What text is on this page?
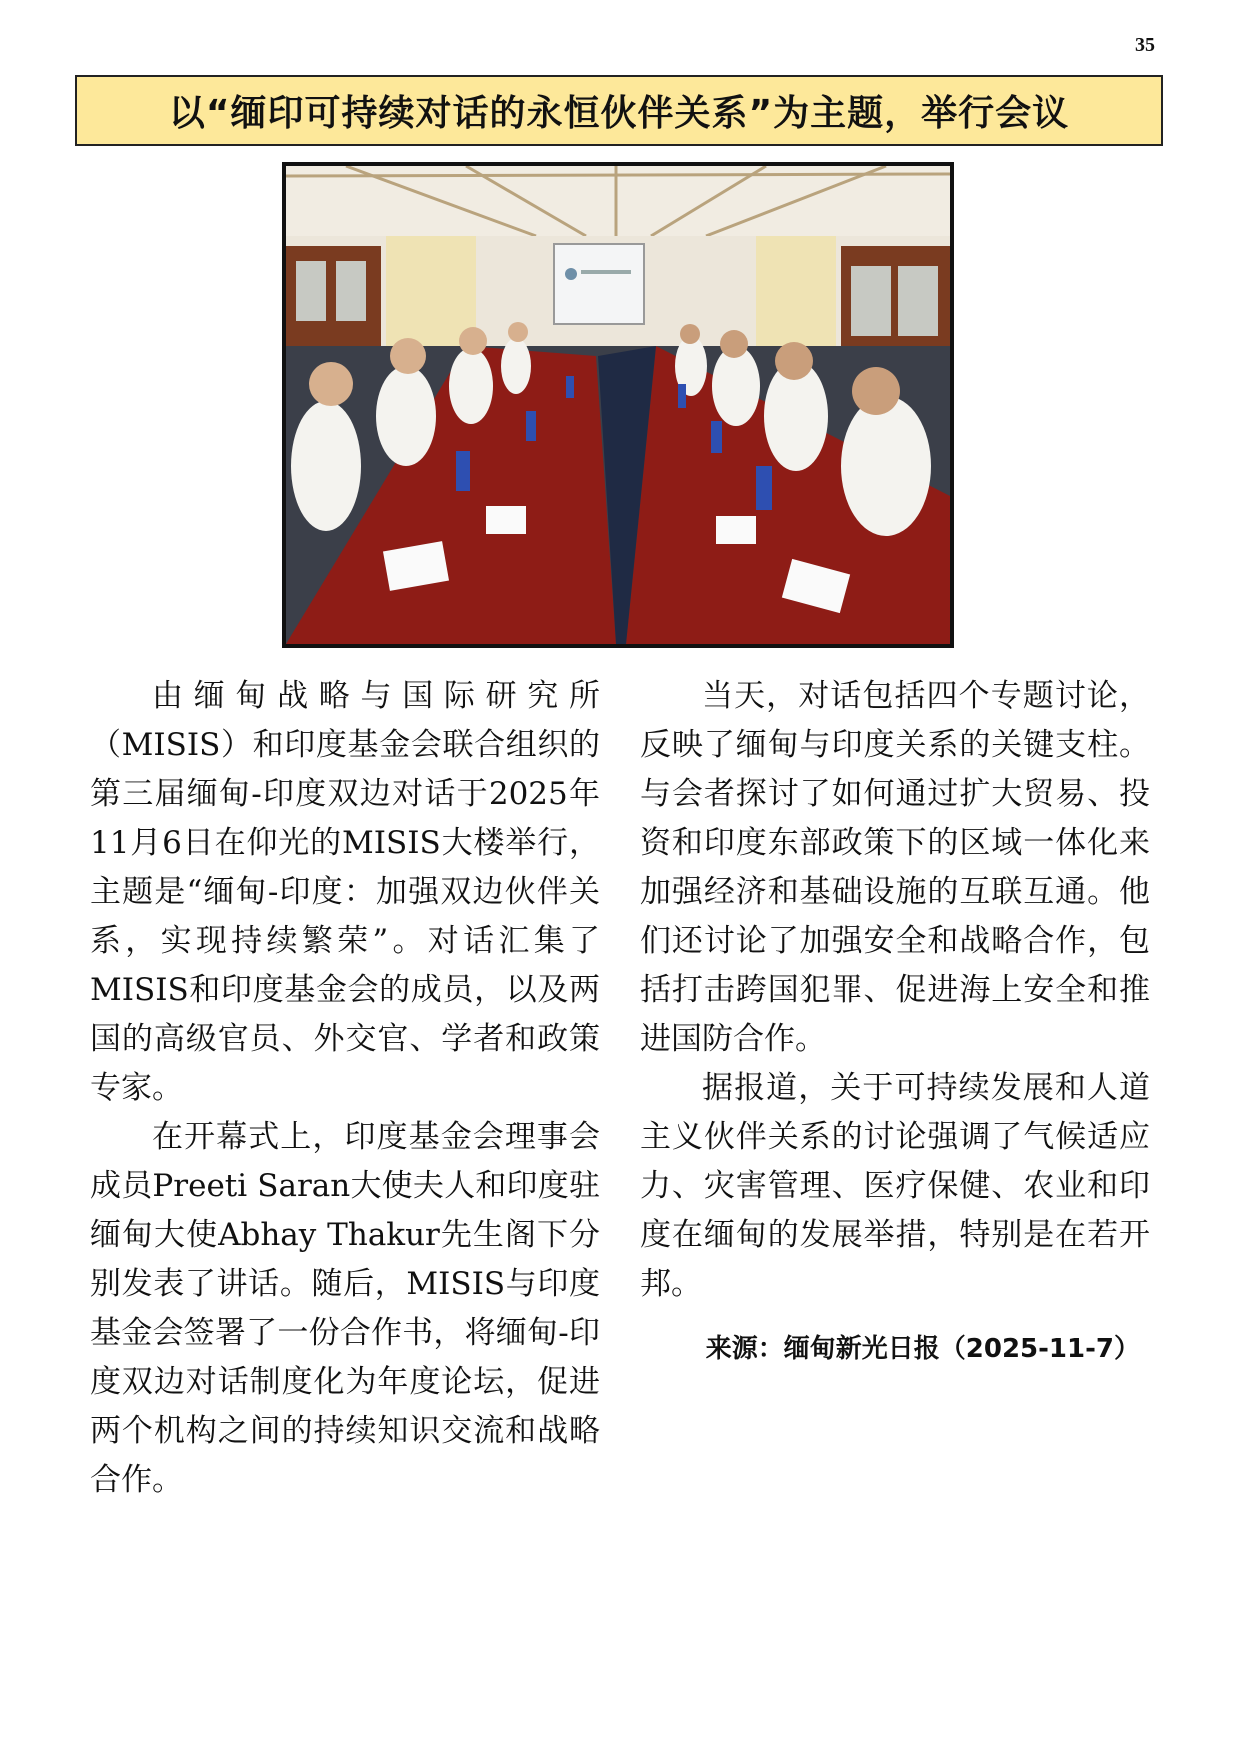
35
以“缅印可持续对话的永恒伙伴关系”为主题，举行会议

由缅甸战略与国际研究所（MISIS）和印度基金会联合组织的第三届缅甸-印度双边对话于2025年11月6日在仰光的MISIS大楼举行，主题是“缅甸-印度：加强双边伙伴关系，实现持续繁荣”。对话汇集了MISIS和印度基金会的成员，以及两国的高级官员、外交官、学者和政策专家。

在开幕式上，印度基金会理事会成员Preeti Saran大使夫人和印度驻缅甸大使Abhay Thakur先生阁下分别发表了讲话。随后，MISIS与印度基金会签署了一份合作书，将缅甸-印度双边对话制度化为年度论坛，促进两个机构之间的持续知识交流和战略合作。

当天，对话包括四个专题讨论，反映了缅甸与印度关系的关键支柱。与会者探讨了如何通过扩大贸易、投资和印度东部政策下的区域一体化来加强经济和基础设施的互联互通。他们还讨论了加强安全和战略合作，包括打击跨国犯罪、促进海上安全和推进国防合作。

据报道，关于可持续发展和人道主义伙伴关系的讨论强调了气候适应力、灾害管理、医疗保健、农业和印度在缅甸的发展举措，特别是在若开邦。

来源：缅甸新光日报（2025-11-7）
